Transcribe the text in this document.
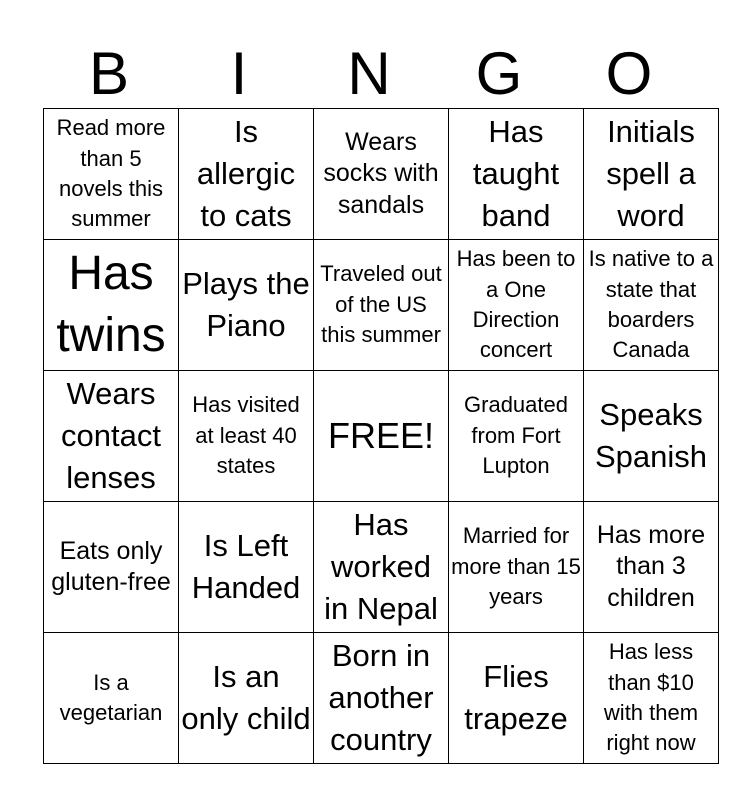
B	I	N	G	O
Read more than 5 novels this summer	Is allergic to cats	Wears socks with sandals	Has taught band	Initials spell a word
Has twins	Plays the Piano	Traveled out of the US this summer	Has been to a One Direction concert	Is native to a state that boarders Canada
Wears contact lenses	Has visited at least 40 states	FREE!	Graduated from Fort Lupton	Speaks Spanish
Eats only gluten-free	Is Left Handed	Has worked in Nepal	Married for more than 15 years	Has more than 3 children
Is a vegetarian	Is an only child	Born in another country	Flies trapeze	Has less than $10 with them right now
